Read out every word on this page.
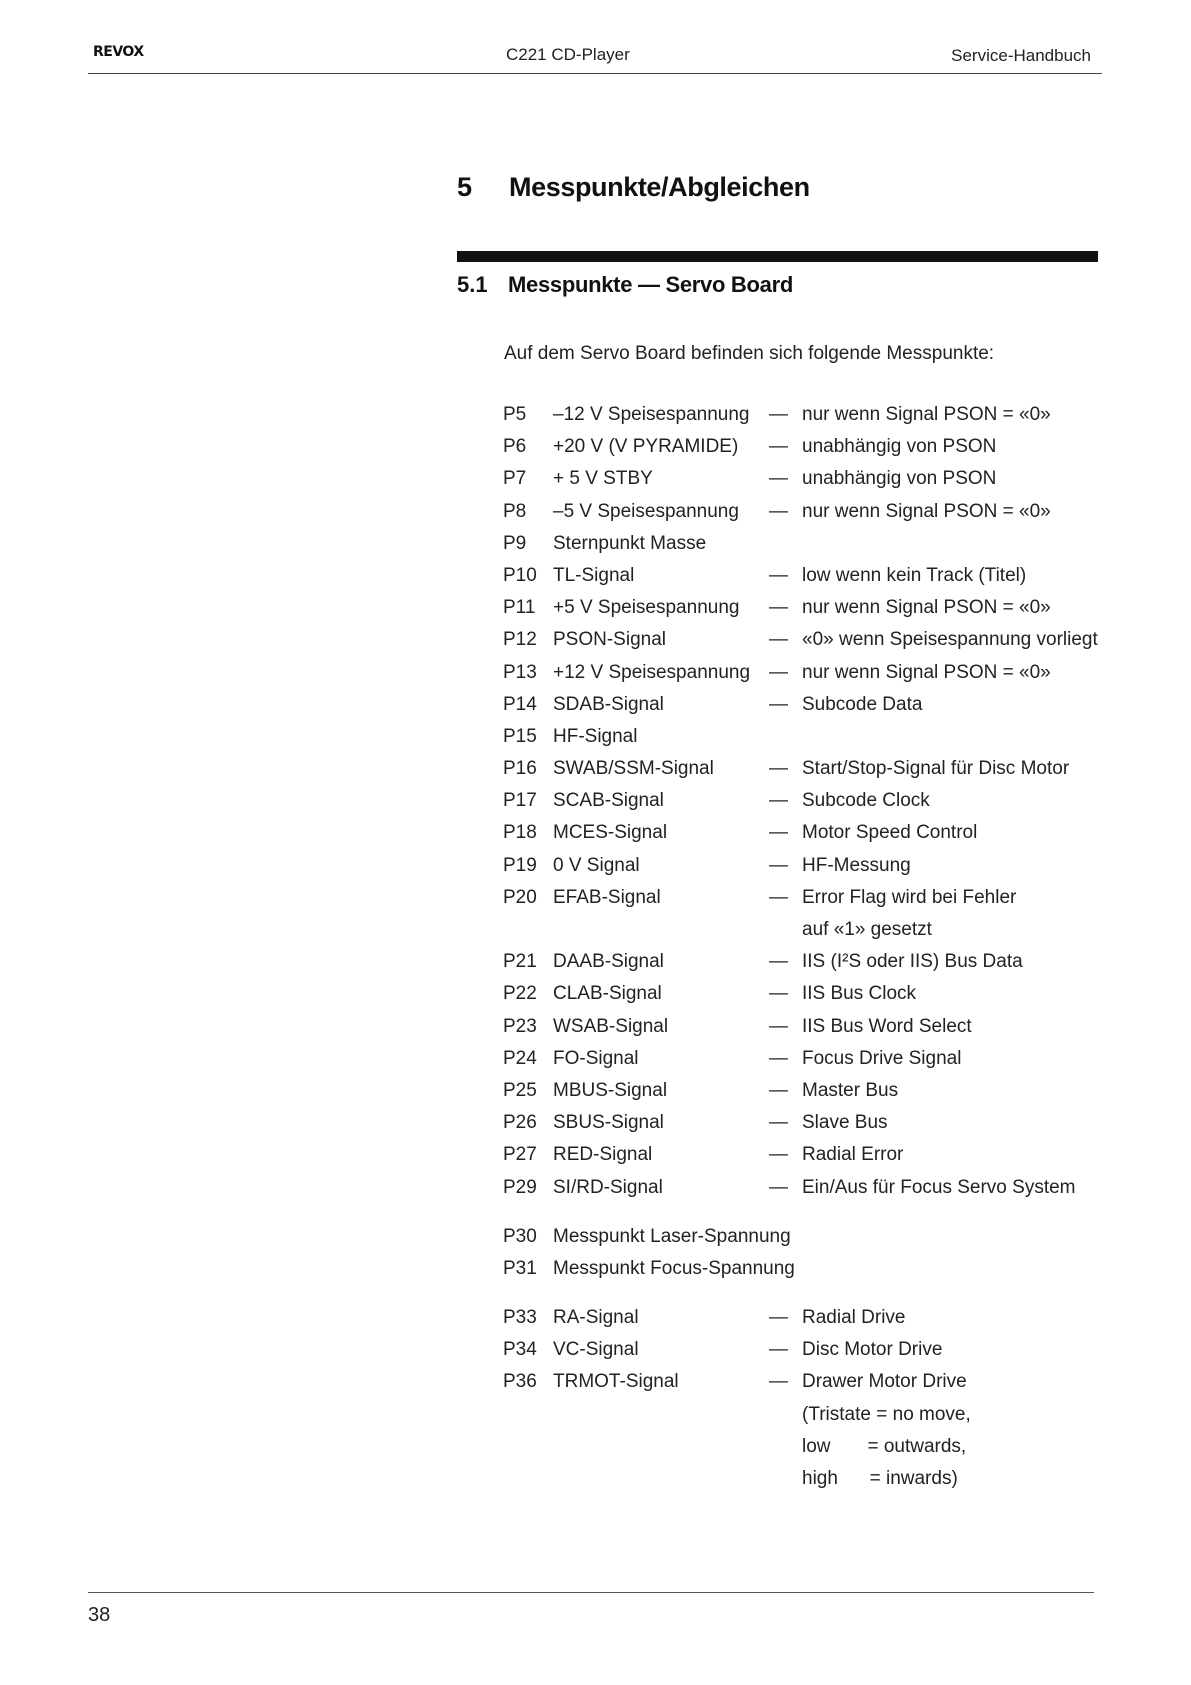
REVOX	C221 CD-Player	Service-Handbuch
5 Messpunkte/Abgleichen
5.1 Messpunkte — Servo Board
Auf dem Servo Board befinden sich folgende Messpunkte:
P5 –12 V Speisespannung — nur wenn Signal PSON = «0»
P6 +20 V (V PYRAMIDE) — unabhängig von PSON
P7 + 5 V STBY	— unabhängig von PSON
P8 –5 V Speisespannung — nur wenn Signal PSON = «0»
P9 Sternpunkt Masse
P10 TL-Signal	— low wenn kein Track (Titel)
P11 +5 V Speisespannung — nur wenn Signal PSON = «0»
P12 PSON-Signal	— «0» wenn Speisespannung vorliegt
P13 +12 V Speisespannung — nur wenn Signal PSON = «0»
P14 SDAB-Signal	— Subcode Data
P15 HF-Signal
P16 SWAB/SSM-Signal	— Start/Stop-Signal für Disc Motor
P17 SCAB-Signal	— Subcode Clock
P18 MCES-Signal	— Motor Speed Control
P19 0 V Signal	— HF-Messung
P20 EFAB-Signal	— Error Flag wird bei Fehler
auf «1» gesetzt
P21 DAAB-Signal	— IIS (I²S oder IIS) Bus Data
P22 CLAB-Signal	— IIS Bus Clock
P23 WSAB-Signal	— IIS Bus Word Select
P24 FO-Signal	— Focus Drive Signal
P25 MBUS-Signal	— Master Bus
P26 SBUS-Signal	— Slave Bus
P27 RED-Signal	— Radial Error
P29 SI/RD-Signal	— Ein/Aus für Focus Servo System
P30 Messpunkt Laser-Spannung
P31 Messpunkt Focus-Spannung
P33 RA-Signal	— Radial Drive
P34 VC-Signal	— Disc Motor Drive
P36 TRMOT-Signal	— Drawer Motor Drive
(Tristate = no move,
low       = outwards,
high      = inwards)
38
